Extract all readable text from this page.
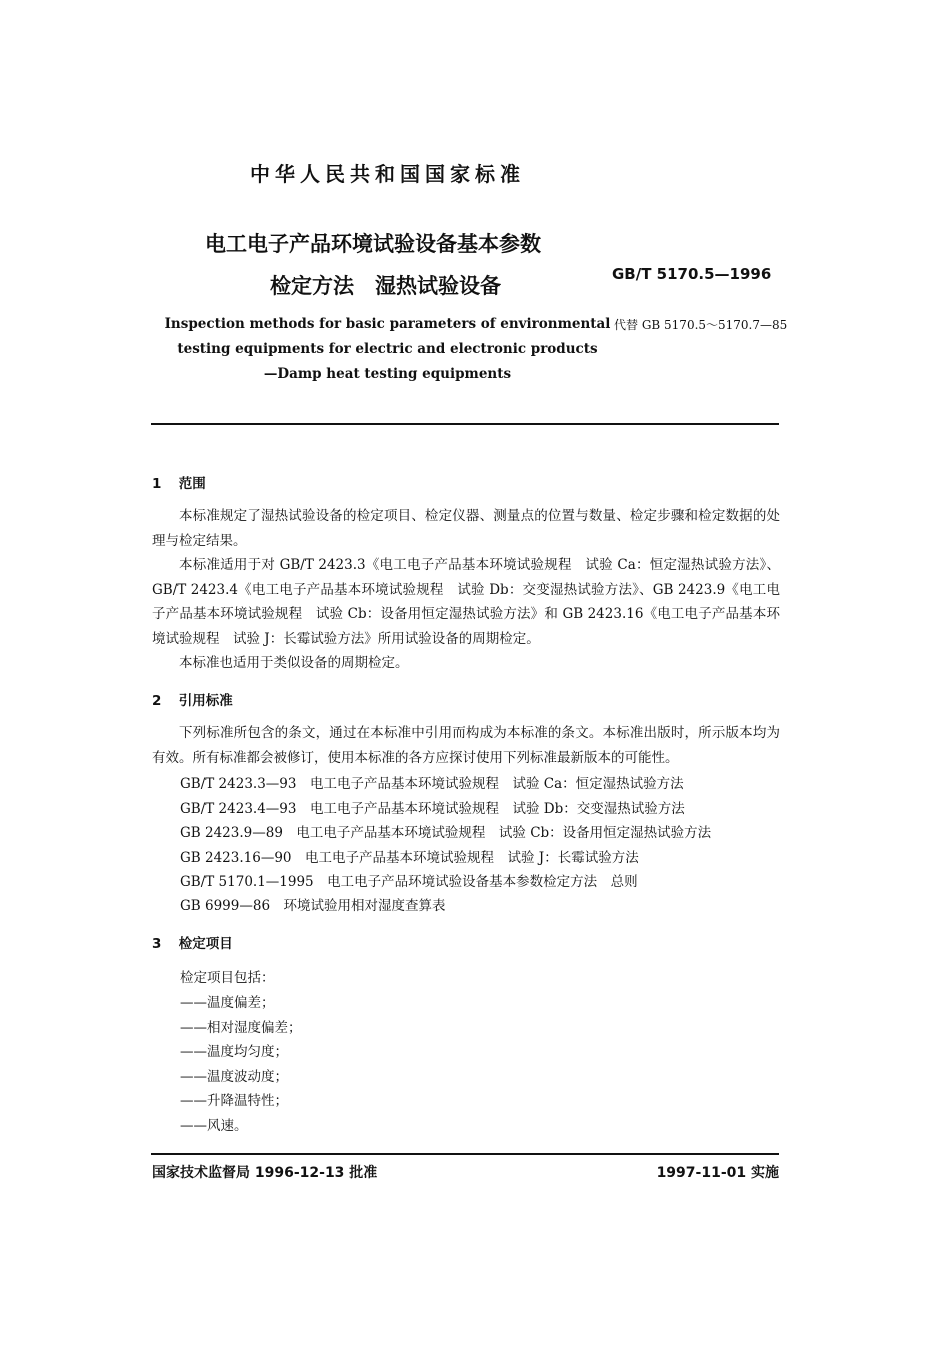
中华人民共和国国家标准
电工电子产品环境试验设备基本参数
检定方法　湿热试验设备	GB/T 5170.5—1996
代替 GB 5170.5～5170.7—85
Inspection methods for basic parameters of environmental
testing equipments for electric and electronic products
—Damp heat testing equipments
1 范围

本标准规定了湿热试验设备的检定项目、检定仪器、测量点的位置与数量、检定步骤和检定数据的处理与检定结果。

本标准适用于对 GB/T 2423.3《电工电子产品基本环境试验规程　试验 Ca：恒定湿热试验方法》、GB/T 2423.4《电工电子产品基本环境试验规程　试验 Db：交变湿热试验方法》、GB 2423.9《电工电子产品基本环境试验规程　试验 Cb：设备用恒定湿热试验方法》和 GB 2423.16《电工电子产品基本环境试验规程　试验 J：长霉试验方法》所用试验设备的周期检定。

本标准也适用于类似设备的周期检定。

2 引用标准

下列标准所包含的条文，通过在本标准中引用而构成为本标准的条文。本标准出版时，所示版本均为有效。所有标准都会被修订，使用本标准的各方应探讨使用下列标准最新版本的可能性。

GB/T 2423.3—93　电工电子产品基本环境试验规程　试验 Ca：恒定湿热试验方法
GB/T 2423.4—93　电工电子产品基本环境试验规程　试验 Db：交变湿热试验方法
GB 2423.9—89　电工电子产品基本环境试验规程　试验 Cb：设备用恒定湿热试验方法
GB 2423.16—90　电工电子产品基本环境试验规程　试验 J：长霉试验方法
GB/T 5170.1—1995　电工电子产品环境试验设备基本参数检定方法　总则
GB 6999—86　环境试验用相对湿度查算表
3 检定项目
检定项目包括：
——温度偏差；
——相对湿度偏差；
——温度均匀度；
——温度波动度；
——升降温特性；
——风速。
国家技术监督局 1996-12-13 批准	1997-11-01 实施
